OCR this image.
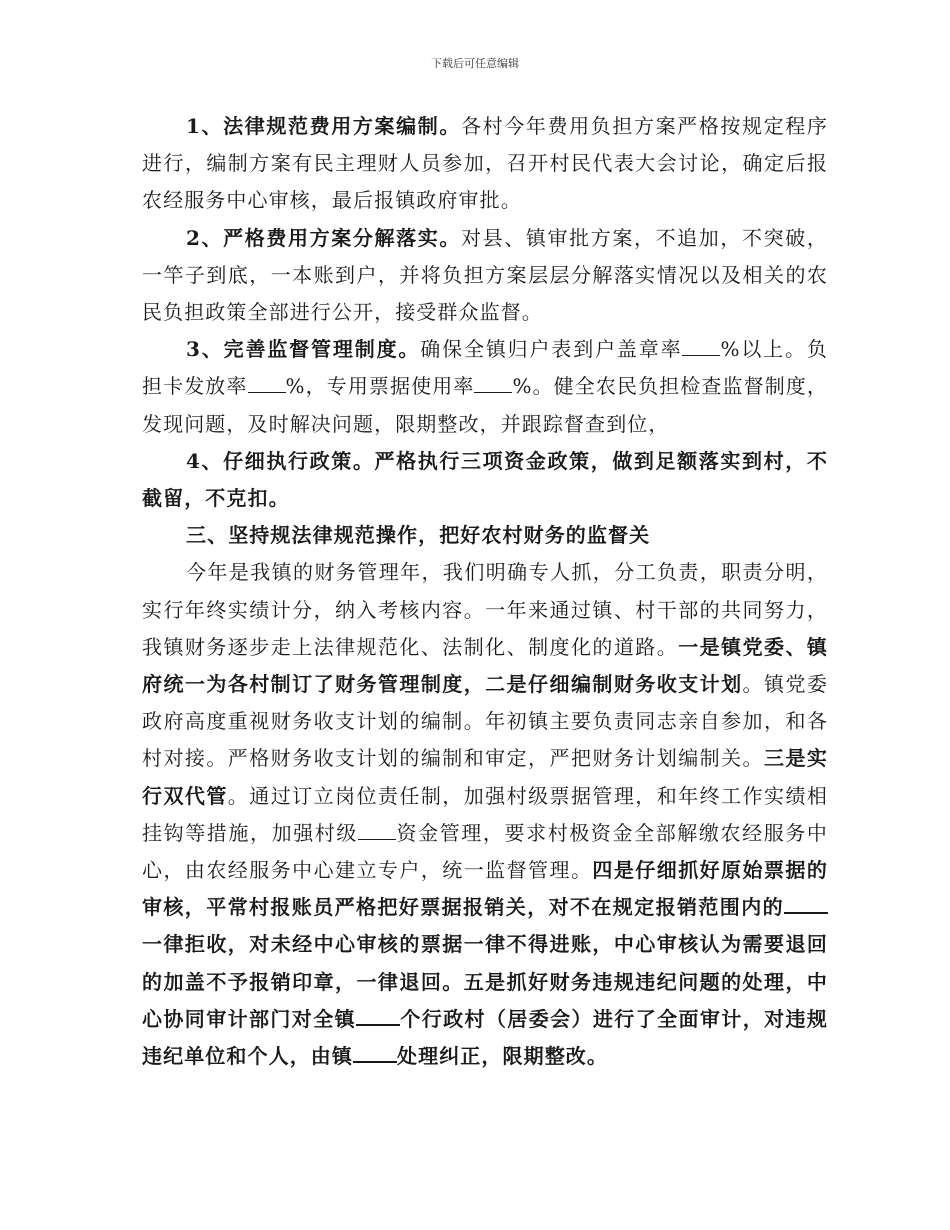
下载后可任意编辑

1、法律规范费用方案编制。各村今年费用负担方案严格按规定程序进行，编制方案有民主理财人员参加，召开村民代表大会讨论，确定后报农经服务中心审核，最后报镇政府审批。

2、严格费用方案分解落实。对县、镇审批方案，不追加，不突破，一竿子到底，一本账到户，并将负担方案层层分解落实情况以及相关的农民负担政策全部进行公开，接受群众监督。

3、完善监督管理制度。确保全镇归户表到户盖章率 %以上。负担卡发放率 %，专用票据使用率 %。健全农民负担检查监督制度，发现问题，及时解决问题，限期整改，并跟踪督查到位，

4、仔细执行政策。严格执行三项资金政策，做到足额落实到村，不截留，不克扣。

三、坚持规法律规范操作，把好农村财务的监督关

今年是我镇的财务管理年，我们明确专人抓，分工负责，职责分明，实行年终实绩计分，纳入考核内容。一年来通过镇、村干部的共同努力，我镇财务逐步走上法律规范化、法制化、制度化的道路。一是镇党委、镇府统一为各村制订了财务管理制度，二是仔细编制财务收支计划。镇党委政府高度重视财务收支计划的编制。年初镇主要负责同志亲自参加，和各村对接。严格财务收支计划的编制和审定，严把财务计划编制关。三是实行双代管。通过订立岗位责任制，加强村级票据管理，和年终工作实绩相挂钩等措施，加强村级 资金管理，要求村极资金全部解缴农经服务中心，由农经服务中心建立专户，统一监督管理。四是仔细抓好原始票据的审核，平常村报账员严格把好票据报销关，对不在规定报销范围内的一律拒收，对未经中心审核的票据一律不得进账，中心审核认为需要退回的加盖不予报销印章，一律退回。五是抓好财务违规违纪问题的处理，中心协同审计部门对全镇 个行政村（居委会）进行了全面审计，对违规违纪单位和个人，由镇 处理纠正，限期整改。
